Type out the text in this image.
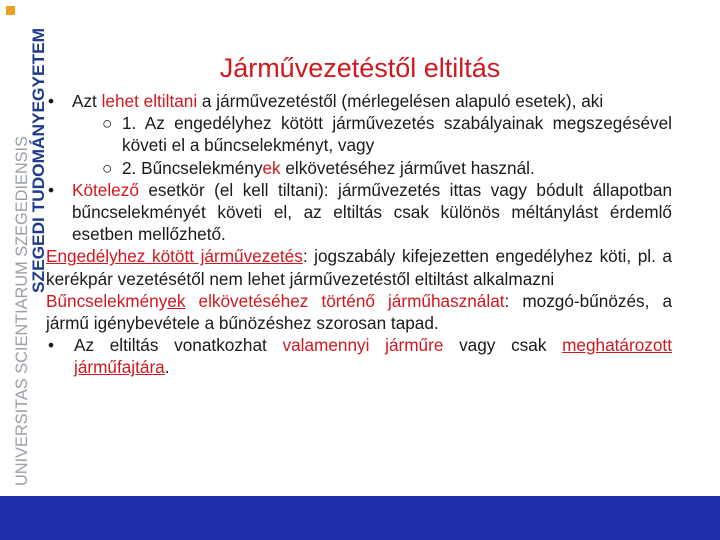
UNIVERSITAS SCIENTIARUM SZEGEDIENSIS
SZEGEDI TUDOMÁNYEGYETEM	Járművezetéstől eltiltás

• Azt lehet eltiltani a járművezetéstől (mérlegelésen alapuló esetek), aki

○ 1. Az engedélyhez kötött járművezetés szabályainak megszegésével követi el a bűncselekményt, vagy

○ 2. Bűncselekmények elkövetéséhez járművet használ.

• Kötelező esetkör (el kell tiltani): járművezetés ittas vagy bódult állapotban bűncselekményét követi el, az eltiltás csak különös méltánylást érdemlő esetben mellőzhető.

Engedélyhez kötött járművezetés: jogszabály kifejezetten engedélyhez köti, pl. a kerékpár vezetésétől nem lehet járművezetéstől eltiltást alkalmazni

Bűncselekmények elkövetéséhez történő járműhasználat: mozgó-bűnözés, a jármű igénybevétele a bűnözéshez szorosan tapad.

• Az eltiltás vonatkozhat valamennyi járműre vagy csak meghatározott járműfajtára.
